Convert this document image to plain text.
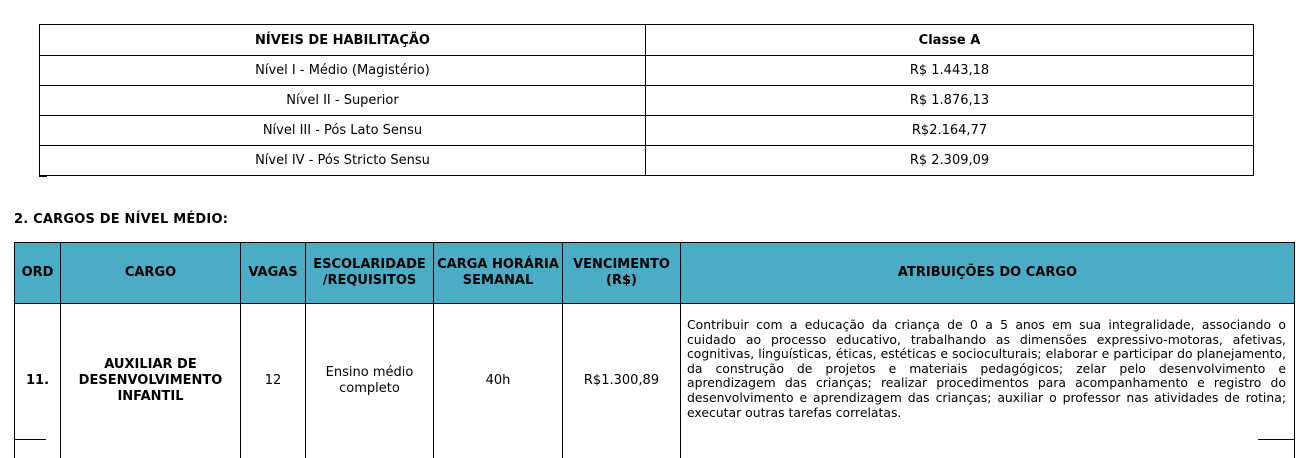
NÍVEIS DE HABILITAÇÃO	Classe A
Nível I - Médio (Magistério)	R$ 1.443,18
Nível II - Superior	R$ 1.876,13
Nível III - Pós Lato Sensu	R$2.164,77
Nível IV - Pós Stricto Sensu	R$ 2.309,09
2. CARGOS DE NÍVEL MÉDIO:
ORD	CARGO	VAGAS	ESCOLARIDADE /REQUISITOS	CARGA HORÁRIA SEMANAL	VENCIMENTO (R$)	ATRIBUIÇÕES DO CARGO
11.	AUXILIAR DE DESENVOLVIMENTO INFANTIL	12	Ensino médio completo	40h	R$1.300,89	Contribuir com a educação da criança de 0 a 5 anos em sua integralidade, associando o cuidado ao processo educativo, trabalhando as dimensões expressivo-motoras, afetivas, cognitivas, linguísticas, éticas, estéticas e socioculturais; elaborar e participar do planejamento, da construção de projetos e materiais pedagógicos; zelar pelo desenvolvimento e aprendizagem das crianças; realizar procedimentos para acompanhamento e registro do desenvolvimento e aprendizagem das crianças; auxiliar o professor nas atividades de rotina; executar outras tarefas correlatas.
